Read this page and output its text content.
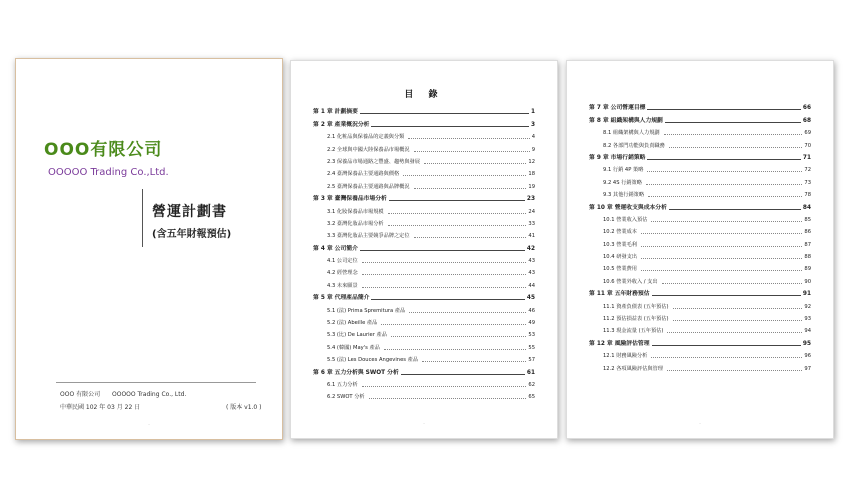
OOO有限公司
OOOOO Trading Co.,Ltd.
營運計劃書
(含五年財報預估)
OOO 有限公司 OOOOO Trading Co., Ltd.
中華民國 102 年 03 月 22 日	( 版本 v1.0 )
·
目 錄
第 1 章 計劃摘要	1
第 2 章 產業概況分析	3
2.1 化粧品與保養品的定義與分類	4
2.2 全球與中國大陸保養品市場概況	9
2.3 保養品市場通路之豐盛、趨勢與發展	12
2.4 臺灣保養品主要通路與價格	18
2.5 臺灣保養品主要通路與品牌概況	19
第 3 章 臺灣保養品市場分析	23
3.1 化妝保養品市場規模	24
3.2 臺灣化妝品市場分析	33
3.3 臺灣化妝品主要競爭品牌之定位	41
第 4 章 公司簡介	42
4.1 公司定位	43
4.2 經營理念	43
4.3 未來願景	44
第 5 章 代理產品簡介	45
5.1 (法) Prima Spremitura 產品	46
5.2 (法) Abeille 產品	49
5.3 (比) De Laurier 產品	53
5.4 (韓國) May's 產品	55
5.5 (法) Les Douces Angevines 產品	57
第 6 章 五力分析與 SWOT 分析	61
6.1 五力分析	62
6.2 SWOT 分析	65
·
第 7 章 公司營運目標	66
第 8 章 組織架構與人力規劃	68
8.1 組織架構與人力規劃	69
8.2 各部門功能與負責職務	70
第 9 章 市場行銷策略	71
9.1 行銷 4P 策略	72
9.2 4S 行銷策略	73
9.3 其他行銷策略	78
第 10 章 營運收支與成本分析	84
10.1 營業收入預估	85
10.2 營業成本	86
10.3 營業毛利	87
10.4 研發支出	88
10.5 營業費用	89
10.6 營業外收入 / 支出	90
第 11 章 五年財務預估	91
11.1 資產負債表 (五年預估)	92
11.2 預估損益表 (五年預估)	93
11.3 現金流量 (五年預估)	94
第 12 章 風險評估管理	95
12.1 財務風險分析	96
12.2 各項風險評估與管理	97
·
